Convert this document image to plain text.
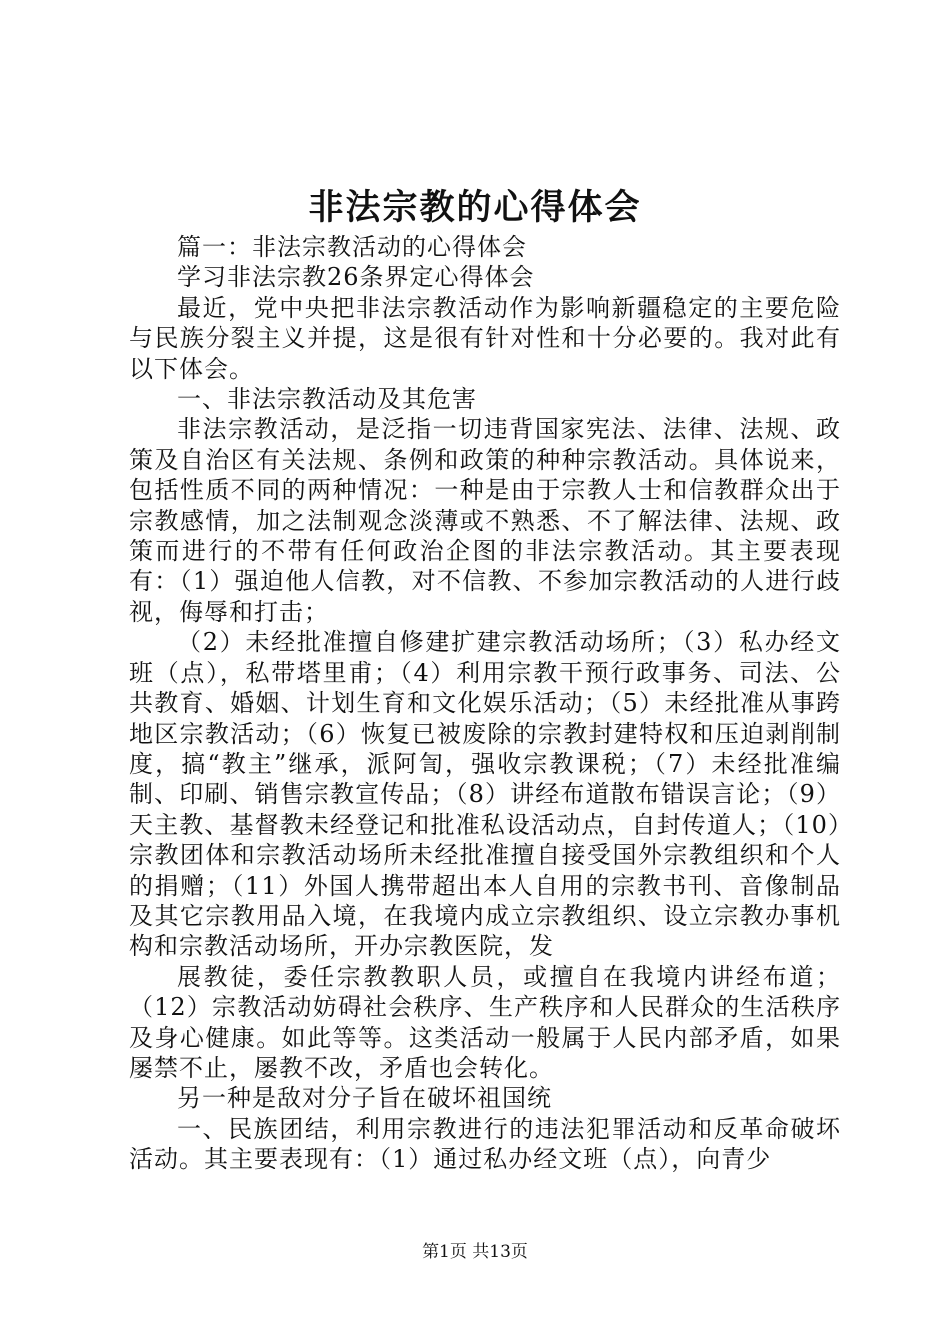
非法宗教的心得体会

篇一：非法宗教活动的心得体会

学习非法宗教26条界定心得体会

最近，党中央把非法宗教活动作为影响新疆稳定的主要危险与民族分裂主义并提，这是很有针对性和十分必要的。我对此有以下体会。

一、非法宗教活动及其危害

非法宗教活动，是泛指一切违背国家宪法、法律、法规、政策及自治区有关法规、条例和政策的种种宗教活动。具体说来，包括性质不同的两种情况：一种是由于宗教人士和信教群众出于宗教感情，加之法制观念淡薄或不熟悉、不了解法律、法规、政策而进行的不带有任何政治企图的非法宗教活动。其主要表现有：（1）强迫他人信教，对不信教、不参加宗教活动的人进行歧视，侮辱和打击；

（2）未经批准擅自修建扩建宗教活动场所；（3）私办经文班（点），私带塔里甫；（4）利用宗教干预行政事务、司法、公共教育、婚姻、计划生育和文化娱乐活动；（5）未经批准从事跨地区宗教活动；（6）恢复已被废除的宗教封建特权和压迫剥削制度，搞“教主”继承，派阿訇，强收宗教课税；（7）未经批准编制、印刷、销售宗教宣传品；（8）讲经布道散布错误言论；（9）天主教、基督教未经登记和批准私设活动点，自封传道人；（10）宗教团体和宗教活动场所未经批准擅自接受国外宗教组织和个人的捐赠；（11）外国人携带超出本人自用的宗教书刊、音像制品及其它宗教用品入境，在我境内成立宗教组织、设立宗教办事机构和宗教活动场所，开办宗教医院，发

展教徒，委任宗教教职人员，或擅自在我境内讲经布道；（12）宗教活动妨碍社会秩序、生产秩序和人民群众的生活秩序及身心健康。如此等等。这类活动一般属于人民内部矛盾，如果屡禁不止，屡教不改，矛盾也会转化。

另一种是敌对分子旨在破坏祖国统

一、民族团结，利用宗教进行的违法犯罪活动和反革命破坏活动。其主要表现有：（1）通过私办经文班（点），向青少

第1页 共13页
